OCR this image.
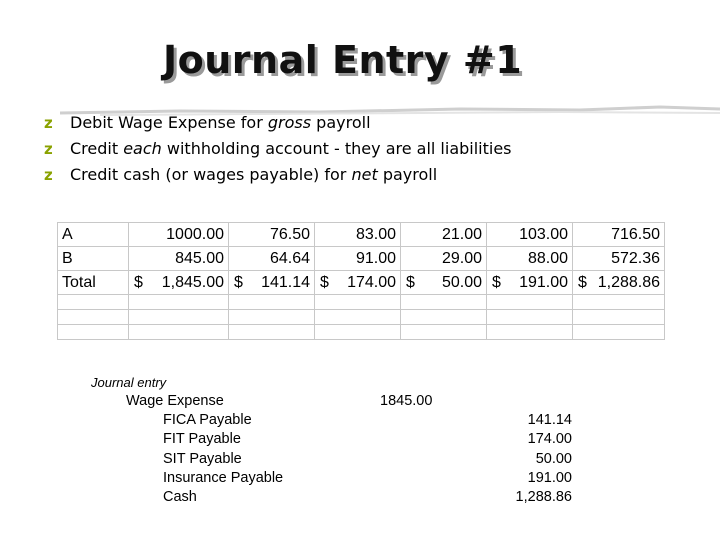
Journal Entry #1
z Debit Wage Expense for gross payroll
z Credit each withholding account - they are all liabilities
z Credit cash (or wages payable) for net payroll
A	1000.00	76.50	83.00	21.00	103.00	716.50
B	845.00	64.64	91.00	29.00	88.00	572.36
Total	$ 1,845.00	$ 141.14	$ 174.00	$ 50.00	$ 191.00	$ 1,288.86

Journal entry
Wage Expense	1845.00
FICA Payable	141.14
FIT Payable	174.00
SIT Payable	50.00
Insurance Payable	191.00
Cash	1,288.86
